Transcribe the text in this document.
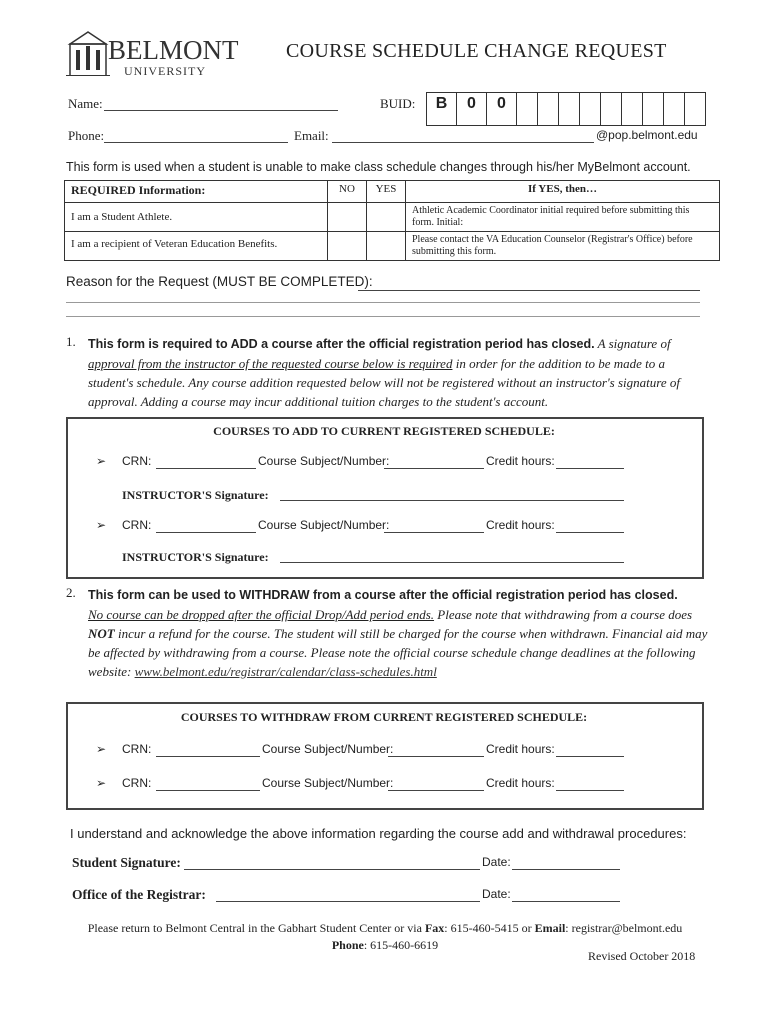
BELMONT
UNIVERSITY
COURSE SCHEDULE CHANGE REQUEST
Name:	BUID:	B	0	0
Phone:	Email:	@pop.belmont.edu
This form is used when a student is unable to make class schedule changes through his/her MyBelmont account.
REQUIRED Information:	NO	YES	If YES, then…
I am a Student Athlete.			Athletic Academic Coordinator initial required before submitting this form. Initial:
I am a recipient of Veteran Education Benefits.			Please contact the VA Education Counselor (Registrar's Office) before submitting this form.
Reason for the Request (MUST BE COMPLETED):
1. This form is required to ADD a course after the official registration period has closed. A signature of approval from the instructor of the requested course below is required in order for the addition to be made to a student's schedule. Any course addition requested below will not be registered without an instructor's signature of approval. Adding a course may incur additional tuition charges to the student's account.
COURSES TO ADD TO CURRENT REGISTERED SCHEDULE:
➢ CRN:	Course Subject/Number:	Credit hours:
INSTRUCTOR'S Signature:
➢ CRN:	Course Subject/Number:	Credit hours:
INSTRUCTOR'S Signature:
2. This form can be used to WITHDRAW from a course after the official registration period has closed.
No course can be dropped after the official Drop/Add period ends. Please note that withdrawing from a course does NOT incur a refund for the course. The student will still be charged for the course when withdrawn. Financial aid may be affected by withdrawing from a course. Please note the official course schedule change deadlines at the following website: www.belmont.edu/registrar/calendar/class-schedules.html
COURSES TO WITHDRAW FROM CURRENT REGISTERED SCHEDULE:
➢ CRN:	Course Subject/Number:	Credit hours:
➢ CRN:	Course Subject/Number:	Credit hours:
I understand and acknowledge the above information regarding the course add and withdrawal procedures:
Student Signature:	Date:
Office of the Registrar:	Date:
Please return to Belmont Central in the Gabhart Student Center or via Fax: 615-460-5415 or Email: registrar@belmont.edu
Phone: 615-460-6619
Revised October 2018
